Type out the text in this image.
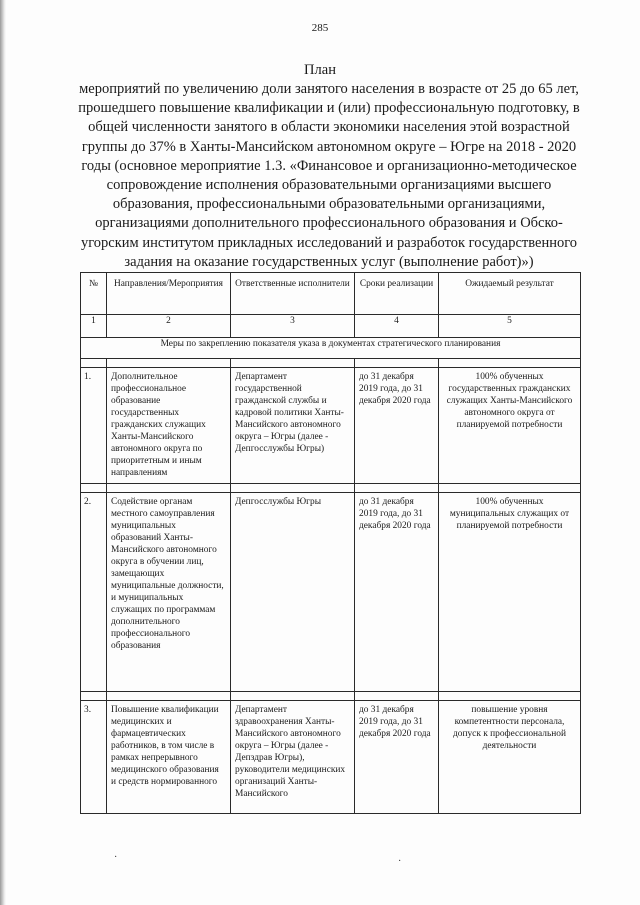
285
План
мероприятий по увеличению доли занятого населения в возрасте от 25 до 65 лет, прошедшего повышение квалификации и (или) профессиональную подготовку, в общей численности занятого в области экономики населения этой возрастной группы до 37% в Ханты-Мансийском автономном округе – Югре на 2018 - 2020 годы (основное мероприятие 1.3. «Финансовое и организационно-методическое сопровождение исполнения образовательными организациями высшего образования, профессиональными образовательными организациями, организациями дополнительного профессионального образования и Обско-угорским институтом прикладных исследований и разработок государственного задания на оказание государственных услуг (выполнение работ)»)
№	Направления/Мероприятия	Ответственные исполнители	Сроки реализации	Ожидаемый результат

1	2	3	4	5
Меры по закреплению показателя указа в документах стратегического планирования				

1.	Дополнительное профессиональное образование государственных гражданских служащих Ханты-Мансийского автономного округа по приоритетным и иным направлениям	Департамент государственной гражданской службы и кадровой политики Ханты-Мансийского автономного округа – Югры (далее - Депгосслужбы Югры)	до 31 декабря 2019 года, до 31 декабря 2020 года	100% обученных государственных гражданских служащих Ханты-Мансийского автономного округа от планируемой потребности

2.	Содействие органам местного самоуправления муниципальных образований Ханты-Мансийского автономного округа в обучении лиц, замещающих муниципальные должности, и муниципальных служащих по программам дополнительного профессионального образования	Депгосслужбы Югры	до 31 декабря 2019 года, до 31 декабря 2020 года	100% обученных муниципальных служащих от планируемой потребности

3.	Повышение квалификации медицинских и фармацевтических работников, в том числе в рамках непрерывного медицинского образования и средств нормированного	Департамент здравоохранения Ханты-Мансийского автономного округа – Югры (далее - Депздрав Югры), руководители медицинских организаций Ханты-Мансийского	до 31 декабря 2019 года, до 31 декабря 2020 года	повышение уровня компетентности персонала, допуск к профессиональной деятельности
·	·
